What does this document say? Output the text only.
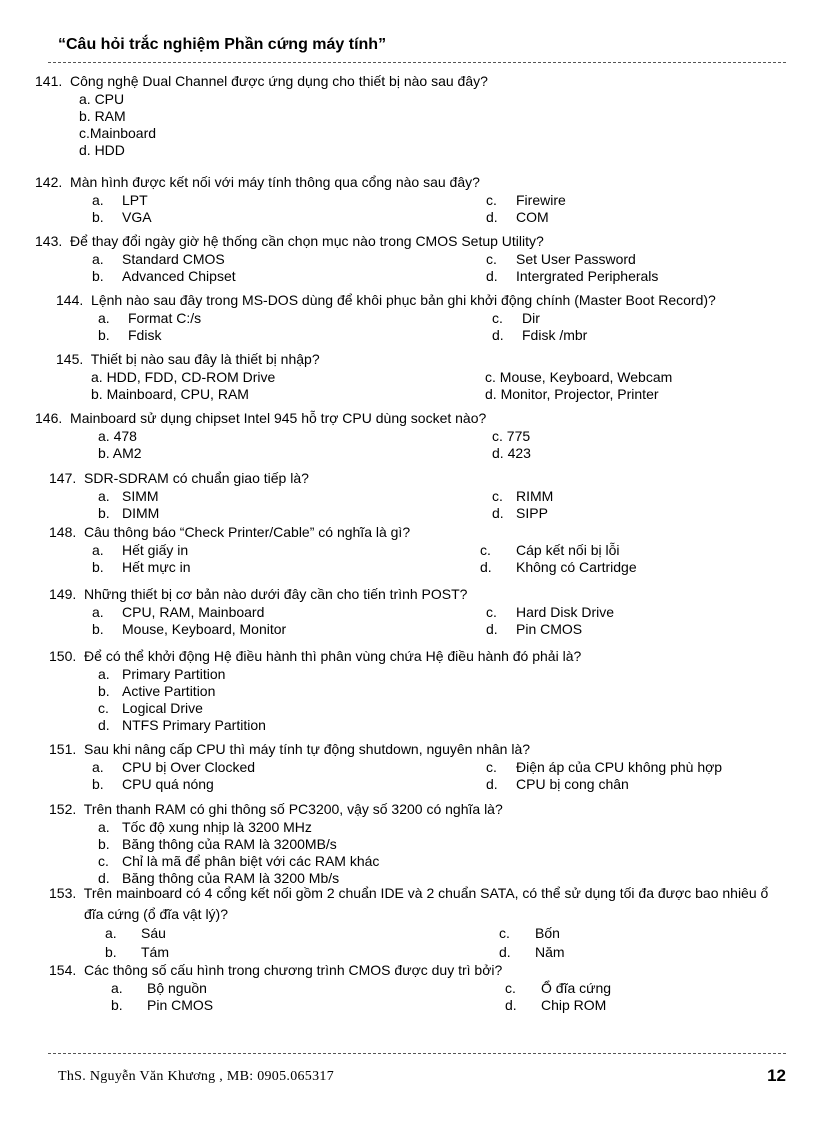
“Câu hỏi trắc nghiệm Phần cứng máy tính”
141. Công nghệ Dual Channel được ứng dụng cho thiết bị nào sau đây?
a. CPU
b. RAM
c.Mainboard
d. HDD
142. Màn hình được kết nối với máy tính thông qua cổng nào sau đây?
a. LPT	c. Firewire
b. VGA	d. COM
143. Để thay đổi ngày giờ hệ thống cần chọn mục nào trong CMOS Setup Utility?
a. Standard CMOS	c. Set User Password
b. Advanced Chipset	d. Intergrated Peripherals
144. Lệnh nào sau đây trong MS-DOS dùng để khôi phục bản ghi khởi động chính (Master Boot Record)?
a. Format C:/s	c. Dir
b. Fdisk	d. Fdisk /mbr
145. Thiết bị nào sau đây là thiết bị nhập?
a. HDD, FDD, CD-ROM Drive	c. Mouse, Keyboard, Webcam
b. Mainboard, CPU, RAM	d. Monitor, Projector, Printer
146. Mainboard sử dụng chipset Intel 945 hỗ trợ CPU dùng socket nào?
a. 478	c. 775
b. AM2	d. 423
147. SDR-SDRAM có chuẩn giao tiếp là?
a. SIMM	c. RIMM
b. DIMM	d. SIPP
148. Câu thông báo “Check Printer/Cable” có nghĩa là gì?
a. Hết giấy in	c. Cáp kết nối bị lỗi
b. Hết mực in	d. Không có Cartridge
149. Những thiết bị cơ bản nào dưới đây cần cho tiến trình POST?
a. CPU, RAM, Mainboard	c. Hard Disk Drive
b. Mouse, Keyboard, Monitor	d. Pin CMOS
150. Để có thể khởi động Hệ điều hành thì phân vùng chứa Hệ điều hành đó phải là?
a. Primary Partition
b. Active Partition
c. Logical Drive
d. NTFS Primary Partition
151. Sau khi nâng cấp CPU thì máy tính tự động shutdown, nguyên nhân là?
a. CPU bị Over Clocked	c. Điện áp của CPU không phù hợp
b. CPU quá nóng	d. CPU bị cong chân
152. Trên thanh RAM có ghi thông số PC3200, vậy số 3200 có nghĩa là?
a. Tốc độ xung nhịp là 3200 MHz
b. Băng thông của RAM là 3200MB/s
c. Chỉ là mã để phân biệt với các RAM khác
d. Băng thông của RAM là 3200 Mb/s
153. Trên mainboard có 4 cổng kết nối gồm 2 chuẩn IDE và 2 chuẩn SATA, có thể sử dụng tối đa được bao nhiêu ổ đĩa cứng (ổ đĩa vật lý)?
a. Sáu	c. Bốn
b. Tám	d. Năm
154. Các thông số cấu hình trong chương trình CMOS được duy trì bởi?
a. Bộ nguồn	c. Ổ đĩa cứng
b. Pin CMOS	d. Chip ROM
ThS. Nguyễn Văn Khương , MB: 0905.065317	12
